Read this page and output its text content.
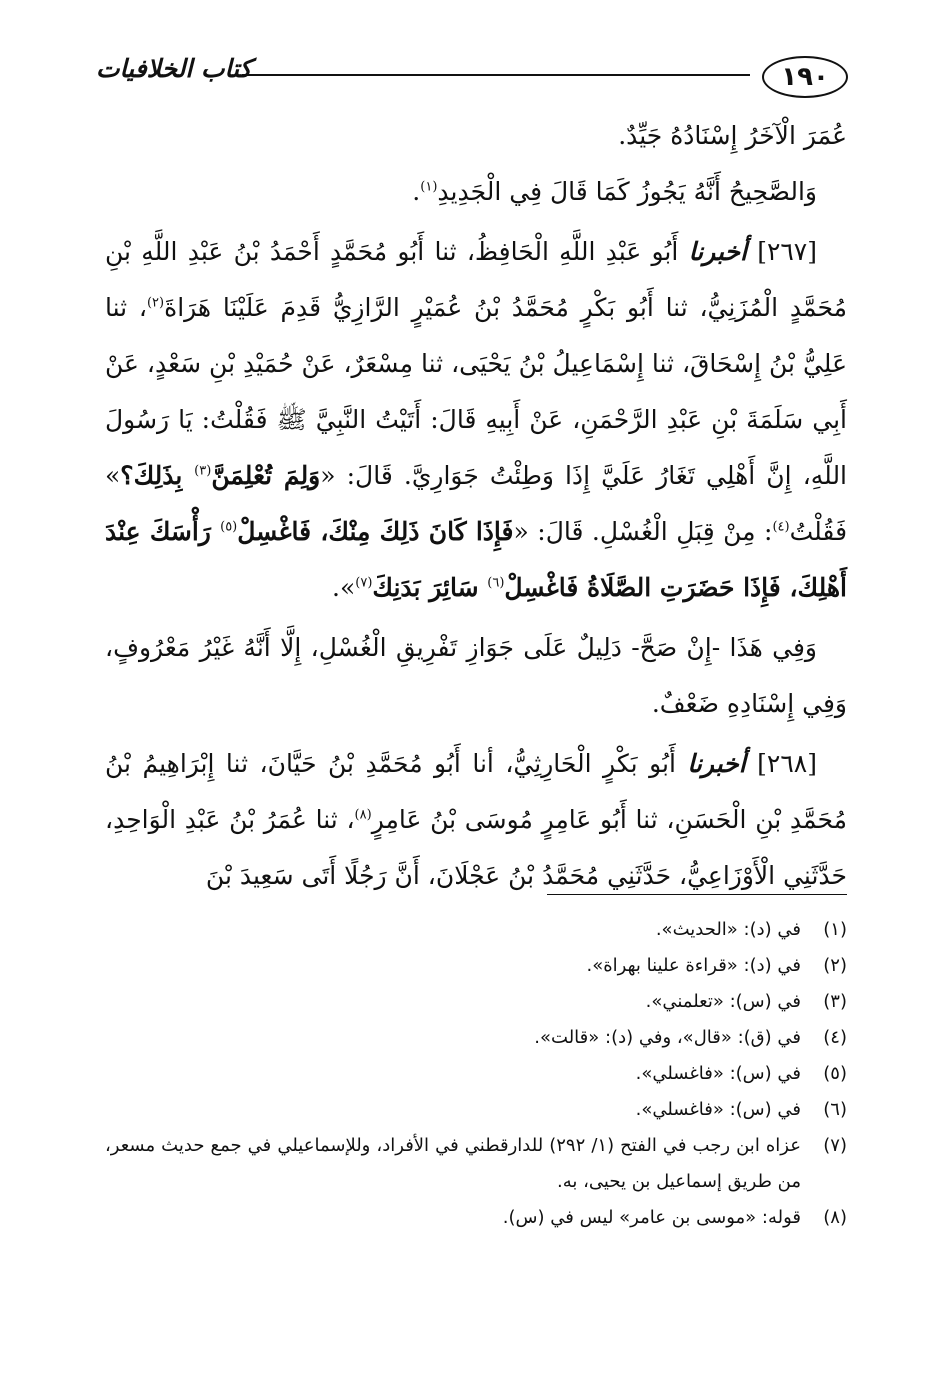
١٩٠
كتاب الخلافيات

عُمَرَ الْآخَرُ إِسْنَادُهُ جَيِّدٌ.

وَالصَّحِيحُ أَنَّهُ يَجُوزُ كَمَا قَالَ فِي الْجَدِيدِ$^{(١)}$.

[٢٦٧] أخبرنا أَبُو عَبْدِ اللَّهِ الْحَافِظُ، ثنا أَبُو مُحَمَّدٍ أَحْمَدُ بْنُ عَبْدِ اللَّهِ بْنِ مُحَمَّدٍ الْمُزَنِيُّ، ثنا أَبُو بَكْرٍ مُحَمَّدُ بْنُ عُمَيْرٍ الرَّازِيُّ قَدِمَ عَلَيْنَا هَرَاةَ$^{(٢)}$، ثنا عَلِيُّ بْنُ إِسْحَاقَ، ثنا إِسْمَاعِيلُ بْنُ يَحْيَى، ثنا مِسْعَرٌ، عَنْ حُمَيْدِ بْنِ سَعْدٍ، عَنْ أَبِي سَلَمَةَ بْنِ عَبْدِ الرَّحْمَنِ، عَنْ أَبِيهِ قَالَ: أَتَيْتُ النَّبِيَّ ﷺ فَقُلْتُ: يَا رَسُولَ اللَّهِ، إِنَّ أَهْلِي تَغَارُ عَلَيَّ إِذَا وَطِئْتُ جَوَارِيَّ. قَالَ: «وَلِمَ تُعْلِمَنَّ$^{(٣)}$ بِذَلِكَ؟» فَقُلْتُ$^{(٤)}$: مِنْ قِبَلِ الْغُسْلِ. قَالَ: «فَإِذَا كَانَ ذَلِكَ مِنْكَ، فَاغْسِلْ$^{(٥)}$ رَأْسَكَ عِنْدَ أَهْلِكَ، فَإِذَا حَضَرَتِ الصَّلَاةُ فَاغْسِلْ$^{(٦)}$ سَائِرَ بَدَنِكَ$^{(٧)}$».

وَفِي هَذَا -إِنْ صَحَّ- دَلِيلٌ عَلَى جَوَازِ تَفْرِيقِ الْغُسْلِ، إِلَّا أَنَّهُ غَيْرُ مَعْرُوفٍ، وَفِي إِسْنَادِهِ ضَعْفٌ.

[٢٦٨] أخبرنا أَبُو بَكْرٍ الْحَارِثِيُّ، أنا أَبُو مُحَمَّدِ بْنُ حَيَّانَ، ثنا إِبْرَاهِيمُ بْنُ مُحَمَّدِ بْنِ الْحَسَنِ، ثنا أَبُو عَامِرٍ مُوسَى بْنُ عَامِرٍ$^{(٨)}$، ثنا عُمَرُ بْنُ عَبْدِ الْوَاحِدِ، حَدَّثَنِي الْأَوْزَاعِيُّ، حَدَّثَنِي مُحَمَّدُ بْنُ عَجْلَانَ، أَنَّ رَجُلًا أَتَى سَعِيدَ بْنَ

(١)
في (د): «الحديث».
(٢)
في (د): «قراءة علينا بهراة».
(٣)
في (س): «تعلمني».
(٤)
في (ق): «قال»، وفي (د): «قالت».
(٥)
في (س): «فاغسلي».
(٦)
في (س): «فاغسلي».
(٧)
عزاه ابن رجب في الفتح (١/ ٢٩٢) للدارقطني في الأفراد، وللإسماعيلي في جمع حديث مسعر، من طريق إسماعيل بن يحيى، به.
(٨)
قوله: «موسى بن عامر» ليس في (س).
